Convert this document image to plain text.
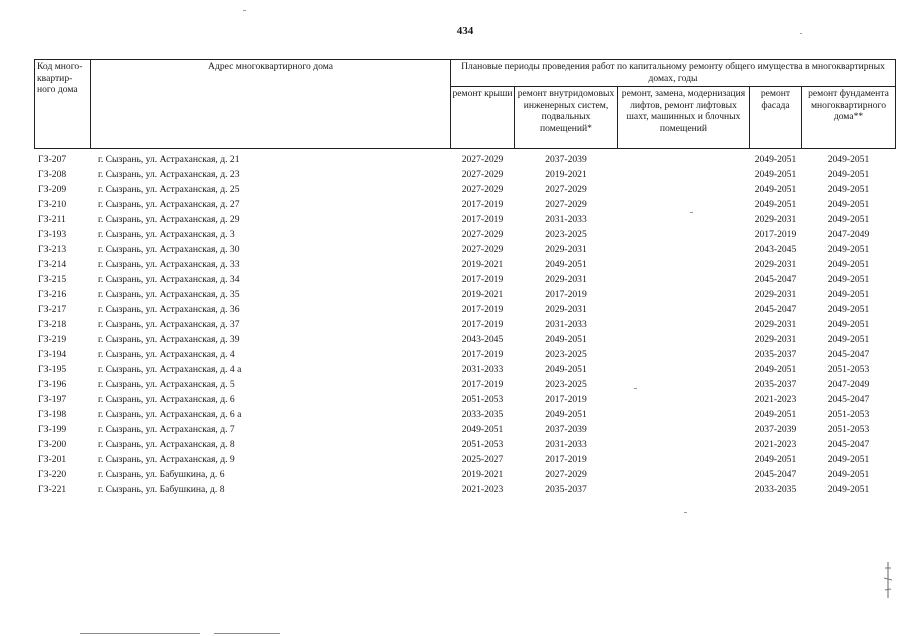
434
Код много-квартир-ного дома	Адрес многоквартирного дома	Плановые периоды проведения работ по капитальному ремонту общего имущества в многоквартирных домах, годы				
		ремонт крыши	ремонт внутридомовых инженерных систем, подвальных помещений*	ремонт, замена, модернизация лифтов, ремонт лифтовых шахт, машинных и блочных помещений	ремонт фасада	ремонт фундамента многоквартирного дома**
ГЗ-207	г. Сызрань, ул. Астраханская, д. 21	2027-2029	2037-2039		2049-2051	2049-2051
ГЗ-208	г. Сызрань, ул. Астраханская, д. 23	2027-2029	2019-2021		2049-2051	2049-2051
ГЗ-209	г. Сызрань, ул. Астраханская, д. 25	2027-2029	2027-2029		2049-2051	2049-2051
ГЗ-210	г. Сызрань, ул. Астраханская, д. 27	2017-2019	2027-2029		2049-2051	2049-2051
ГЗ-211	г. Сызрань, ул. Астраханская, д. 29	2017-2019	2031-2033		2029-2031	2049-2051
ГЗ-193	г. Сызрань, ул. Астраханская, д. 3	2027-2029	2023-2025		2017-2019	2047-2049
ГЗ-213	г. Сызрань, ул. Астраханская, д. 30	2027-2029	2029-2031		2043-2045	2049-2051
ГЗ-214	г. Сызрань, ул. Астраханская, д. 33	2019-2021	2049-2051		2029-2031	2049-2051
ГЗ-215	г. Сызрань, ул. Астраханская, д. 34	2017-2019	2029-2031		2045-2047	2049-2051
ГЗ-216	г. Сызрань, ул. Астраханская, д. 35	2019-2021	2017-2019		2029-2031	2049-2051
ГЗ-217	г. Сызрань, ул. Астраханская, д. 36	2017-2019	2029-2031		2045-2047	2049-2051
ГЗ-218	г. Сызрань, ул. Астраханская, д. 37	2017-2019	2031-2033		2029-2031	2049-2051
ГЗ-219	г. Сызрань, ул. Астраханская, д. 39	2043-2045	2049-2051		2029-2031	2049-2051
ГЗ-194	г. Сызрань, ул. Астраханская, д. 4	2017-2019	2023-2025		2035-2037	2045-2047
ГЗ-195	г. Сызрань, ул. Астраханская, д. 4 а	2031-2033	2049-2051		2049-2051	2051-2053
ГЗ-196	г. Сызрань, ул. Астраханская, д. 5	2017-2019	2023-2025		2035-2037	2047-2049
ГЗ-197	г. Сызрань, ул. Астраханская, д. 6	2051-2053	2017-2019		2021-2023	2045-2047
ГЗ-198	г. Сызрань, ул. Астраханская, д. 6 а	2033-2035	2049-2051		2049-2051	2051-2053
ГЗ-199	г. Сызрань, ул. Астраханская, д. 7	2049-2051	2037-2039		2037-2039	2051-2053
ГЗ-200	г. Сызрань, ул. Астраханская, д. 8	2051-2053	2031-2033		2021-2023	2045-2047
ГЗ-201	г. Сызрань, ул. Астраханская, д. 9	2025-2027	2017-2019		2049-2051	2049-2051
ГЗ-220	г. Сызрань, ул. Бабушкина, д. 6	2019-2021	2027-2029		2045-2047	2049-2051
ГЗ-221	г. Сызрань, ул. Бабушкина, д. 8	2021-2023	2035-2037		2033-2035	2049-2051
